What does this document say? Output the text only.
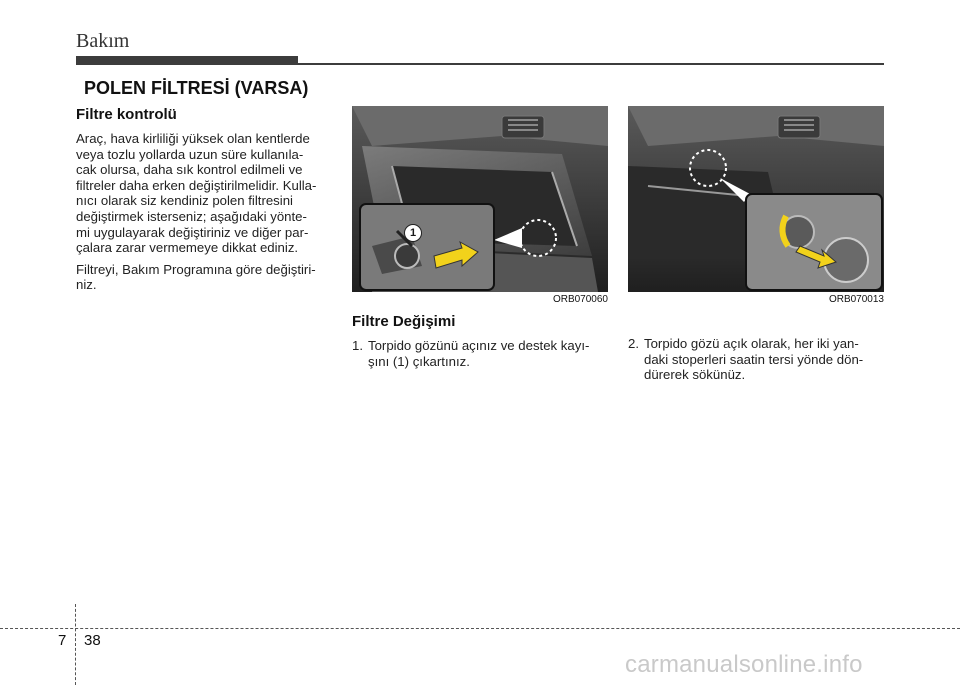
Bakım
POLEN FİLTRESİ (VARSA)
Filtre kontrolü
Araç, hava kirliliği yüksek olan kentlerde
veya tozlu yollarda uzun süre kullanıla-
cak olursa, daha sık kontrol edilmeli ve
filtreler daha erken değiştirilmelidir. Kulla-
nıcı olarak siz kendiniz polen filtresini
değiştirmek isterseniz; aşağıdaki yönte-
mi uygulayarak değiştiriniz ve diğer par-
çalara zarar vermemeye dikkat ediniz.
Filtreyi, Bakım Programına göre değiştiri-
niz.
1
ORB070060	ORB070013
Filtre Değişimi
1. Torpido gözünü açınız ve destek kayı-
şını (1) çıkartınız.
2. Torpido gözü açık olarak, her iki yan-
daki stoperleri saatin tersi yönde dön-
dürerek sökünüz.
7 38
carmanualsonline.info
